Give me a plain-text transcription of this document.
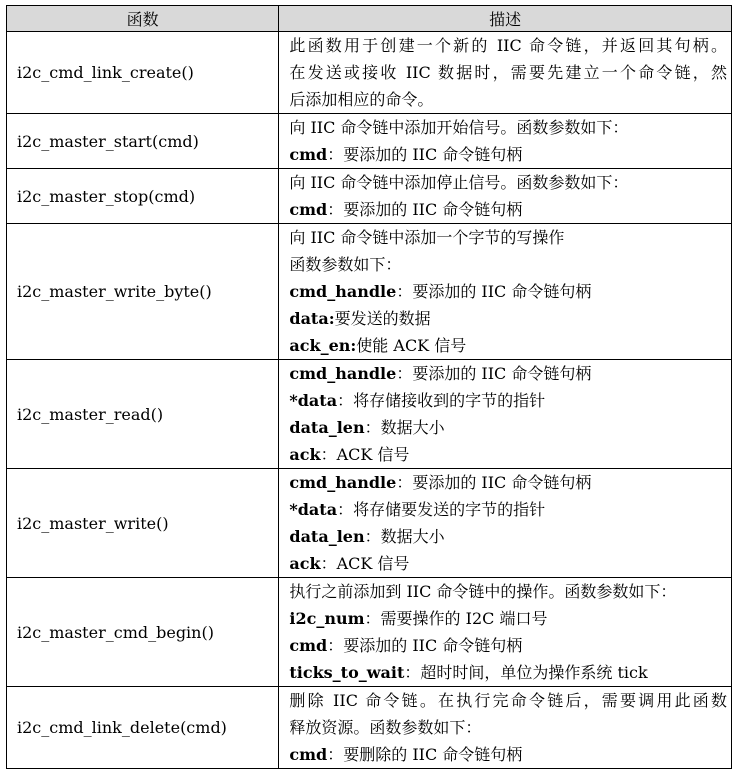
函数	描述
i2c_cmd_link_create()	此函数用于创建一个新的 IIC 命令链，并返回其句柄。
在发送或接收 IIC 数据时，需要先建立一个命令链，然
后添加相应的命令。

i2c_master_start(cmd)	向 IIC 命令链中添加开始信号。函数参数如下：
cmd：要添加的 IIC 命令链句柄

i2c_master_stop(cmd)	向 IIC 命令链中添加停止信号。函数参数如下：
cmd：要添加的 IIC 命令链句柄

i2c_master_write_byte()	向 IIC 命令链中添加一个字节的写操作
函数参数如下：
cmd_handle：要添加的 IIC 命令链句柄
data:要发送的数据
ack_en:使能 ACK 信号

i2c_master_read()	cmd_handle：要添加的 IIC 命令链句柄
*data：将存储接收到的字节的指针
data_len：数据大小
ack：ACK 信号

i2c_master_write()	cmd_handle：要添加的 IIC 命令链句柄
*data：将存储要发送的字节的指针
data_len：数据大小
ack：ACK 信号

i2c_master_cmd_begin()	执行之前添加到 IIC 命令链中的操作。函数参数如下：
i2c_num：需要操作的 I2C 端口号
cmd：要添加的 IIC 命令链句柄
ticks_to_wait：超时时间，单位为操作系统 tick

i2c_cmd_link_delete(cmd)	删除 IIC 命令链。在执行完命令链后，需要调用此函数
释放资源。函数参数如下：
cmd：要删除的 IIC 命令链句柄
